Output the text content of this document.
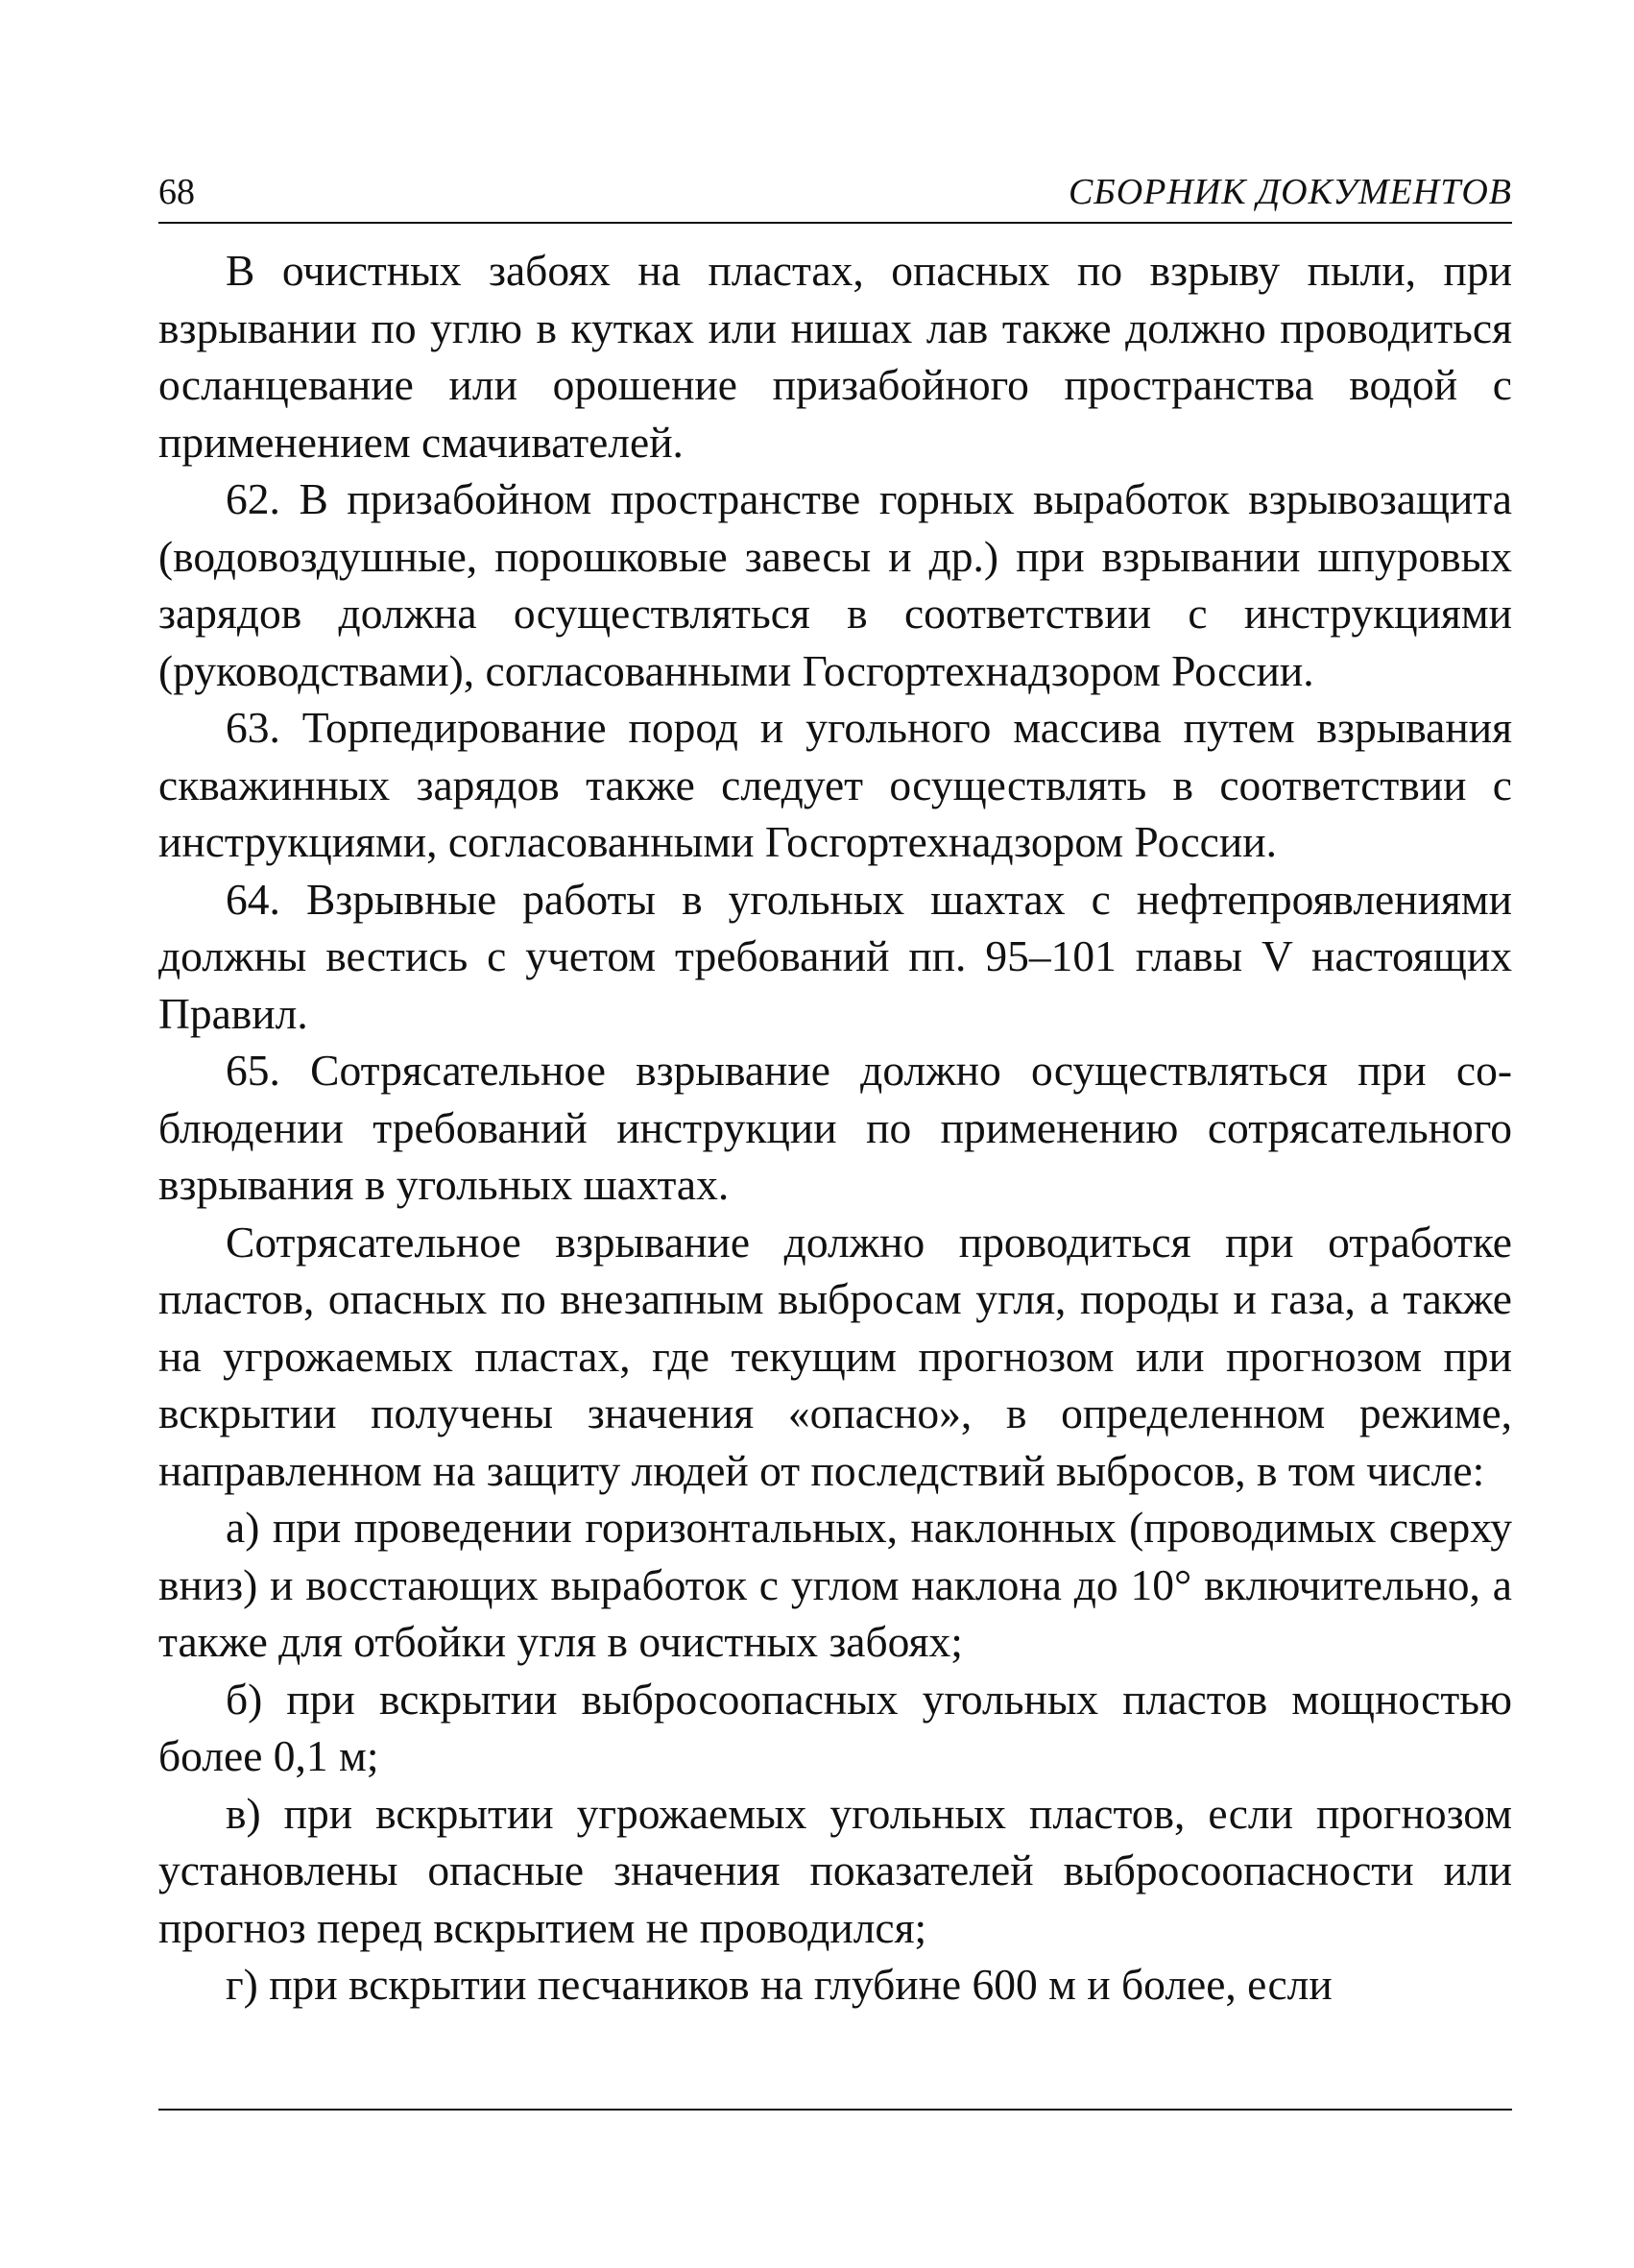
68	СБОРНИК ДОКУМЕНТОВ

В очистных забоях на пластах, опасных по взрыву пыли, при взрывании по углю в кутках или нишах лав также должно проводиться осланцевание или орошение призабойного пространства водой с применением смачивателей.

62. В призабойном пространстве горных выработок взрывозащита (водовоздушные, порошковые завесы и др.) при взрывании шпуровых зарядов должна осуществляться в соответствии с инструкциями (руководствами), согласованными Госгортехнадзором России.

63. Торпедирование пород и угольного массива путем взрывания скважинных зарядов также следует осуществлять в соответствии с инструкциями, согласованными Госгортехнадзором России.

64. Взрывные работы в угольных шахтах с нефтепроявлениями должны вестись с учетом требований пп. 95–101 главы V настоящих Правил.

65. Сотрясательное взрывание должно осуществляться при соблюдении требований инструкции по применению сотрясательного взрывания в угольных шахтах.

Сотрясательное взрывание должно проводиться при отработке пластов, опасных по внезапным выбросам угля, породы и газа, а также на угрожаемых пластах, где текущим прогнозом или прогнозом при вскрытии получены значения «опасно», в определенном режиме, направленном на защиту людей от последствий выбросов, в том числе:

а) при проведении горизонтальных, наклонных (проводимых сверху вниз) и восстающих выработок с углом наклона до 10° включительно, а также для отбойки угля в очистных забоях;

б) при вскрытии выбросоопасных угольных пластов мощностью более 0,1 м;

в) при вскрытии угрожаемых угольных пластов, если прогнозом установлены опасные значения показателей выбросоопасности или прогноз перед вскрытием не проводился;

г) при вскрытии песчаников на глубине 600 м и более, если
